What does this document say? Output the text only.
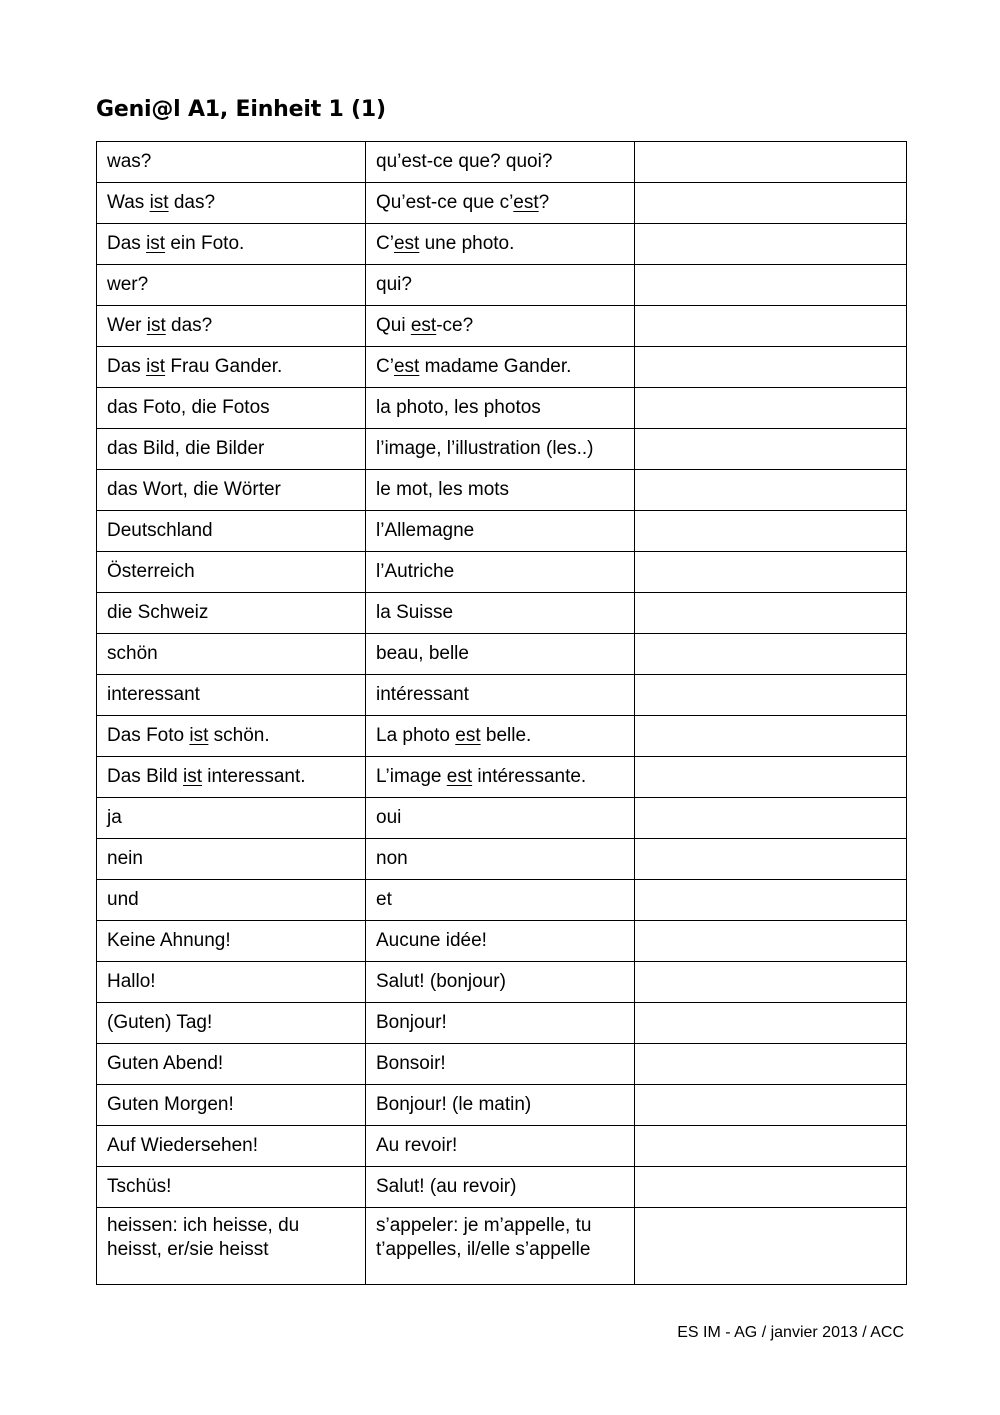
Geni@l A1, Einheit 1 (1)
was?	qu’est-ce que? quoi?	
Was ist das?	Qu’est-ce que c’est?	
Das ist ein Foto.	C’est une photo.	
wer?	qui?	
Wer ist das?	Qui est-ce?	
Das ist Frau Gander.	C’est madame Gander.	
das Foto, die Fotos	la photo, les photos	
das Bild, die Bilder	l’image, l’illustration (les..)	
das Wort, die Wörter	le mot, les mots	
Deutschland	l’Allemagne	
Österreich	l’Autriche	
die Schweiz	la Suisse	
schön	beau, belle	
interessant	intéressant	
Das Foto ist schön.	La photo est belle.	
Das Bild ist interessant.	L’image est intéressante.	
ja	oui	
nein	non	
und	et	
Keine Ahnung!	Aucune idée!	
Hallo!	Salut! (bonjour)	
(Guten) Tag!	Bonjour!	
Guten Abend!	Bonsoir!	
Guten Morgen!	Bonjour! (le matin)	
Auf Wiedersehen!	Au revoir!	
Tschüs!	Salut! (au revoir)	
heissen: ich heisse, du heisst, er/sie heisst	s’appeler: je m’appelle, tu t’appelles, il/elle s’appelle	
ES IM - AG / janvier 2013 / ACC
